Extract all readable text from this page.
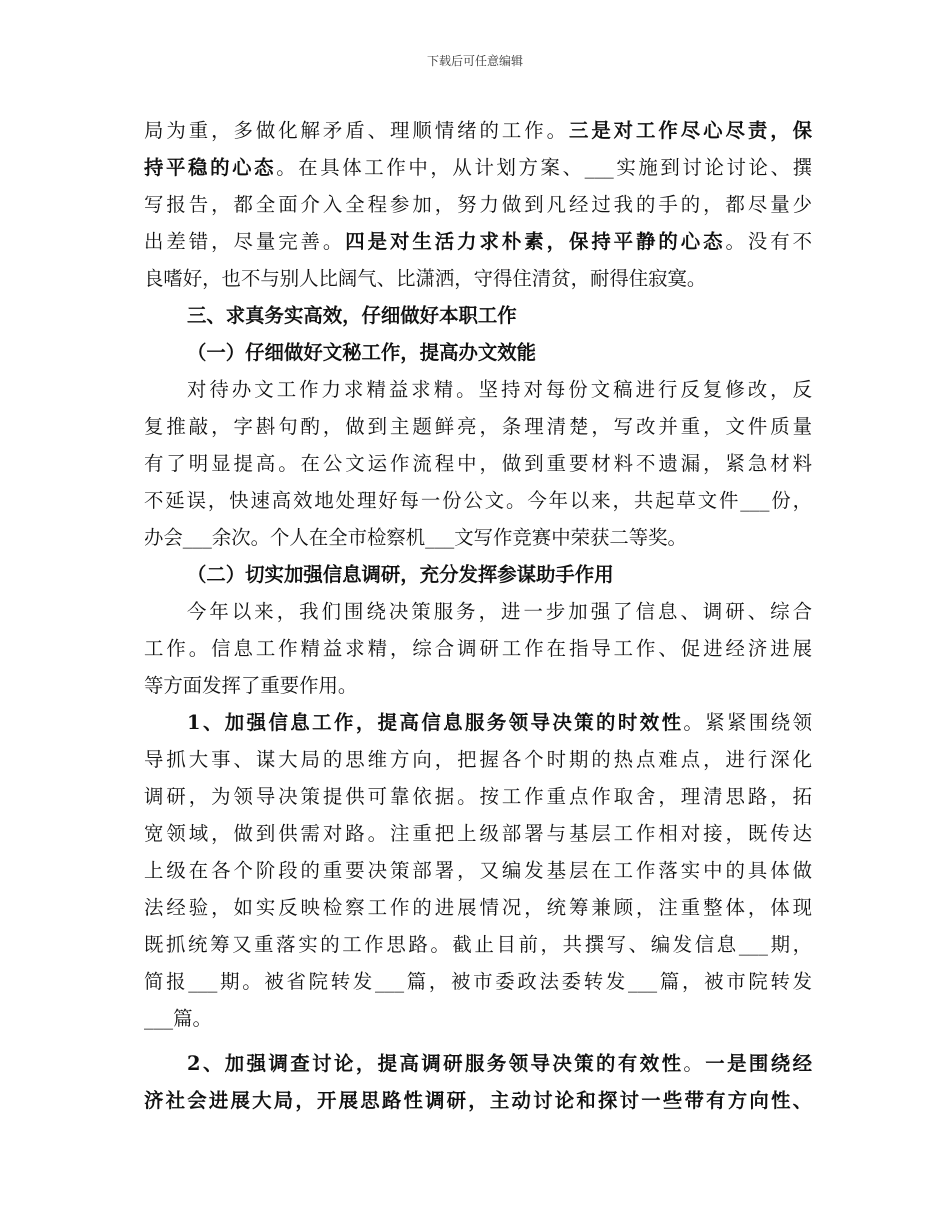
下载后可任意编辑
局为重，多做化解矛盾、理顺情绪的工作。三是对工作尽心尽责，保
持平稳的心态。在具体工作中，从计划方案、___实施到讨论讨论、撰
写报告，都全面介入全程参加，努力做到凡经过我的手的，都尽量少
出差错，尽量完善。四是对生活力求朴素，保持平静的心态。没有不
良嗜好，也不与别人比阔气、比潇洒，守得住清贫，耐得住寂寞。
三、求真务实高效，仔细做好本职工作
（一）仔细做好文秘工作，提高办文效能
对待办文工作力求精益求精。坚持对每份文稿进行反复修改，反
复推敲，字斟句酌，做到主题鲜亮，条理清楚，写改并重，文件质量
有了明显提高。在公文运作流程中，做到重要材料不遗漏，紧急材料
不延误，快速高效地处理好每一份公文。今年以来，共起草文件___份，
办会___余次。个人在全市检察机___文写作竞赛中荣获二等奖。
（二）切实加强信息调研，充分发挥参谋助手作用
今年以来，我们围绕决策服务，进一步加强了信息、调研、综合
工作。信息工作精益求精，综合调研工作在指导工作、促进经济进展
等方面发挥了重要作用。
1、加强信息工作，提高信息服务领导决策的时效性。紧紧围绕领
导抓大事、谋大局的思维方向，把握各个时期的热点难点，进行深化
调研，为领导决策提供可靠依据。按工作重点作取舍，理清思路，拓
宽领域，做到供需对路。注重把上级部署与基层工作相对接，既传达
上级在各个阶段的重要决策部署，又编发基层在工作落实中的具体做
法经验，如实反映检察工作的进展情况，统筹兼顾，注重整体，体现
既抓统筹又重落实的工作思路。截止目前，共撰写、编发信息___期，
简报___期。被省院转发___篇，被市委政法委转发___篇，被市院转发
___篇。
2、加强调查讨论，提高调研服务领导决策的有效性。一是围绕经
济社会进展大局，开展思路性调研，主动讨论和探讨一些带有方向性、
